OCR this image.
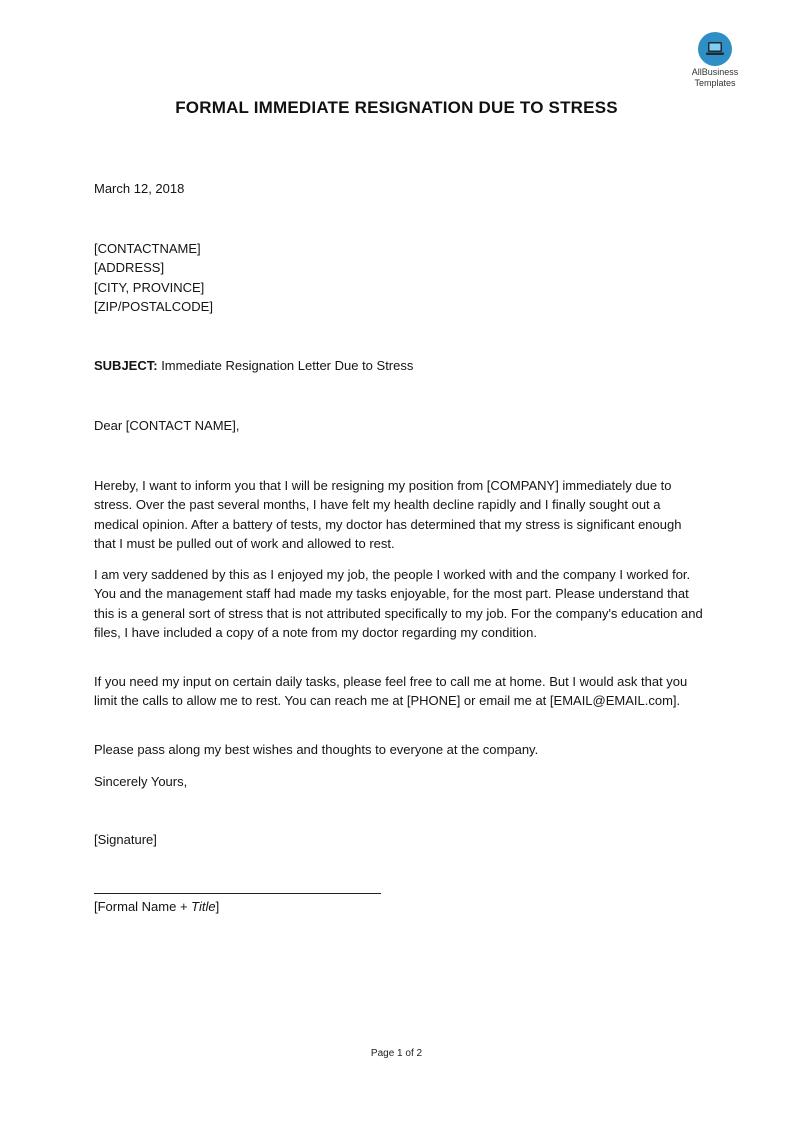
AllBusiness
Templates
FORMAL IMMEDIATE RESIGNATION DUE TO STRESS
March 12, 2018
[CONTACTNAME]
[ADDRESS]
[CITY, PROVINCE]
[ZIP/POSTALCODE]
SUBJECT: Immediate Resignation Letter Due to Stress
Dear [CONTACT NAME],

Hereby, I want to inform you that I will be resigning my position from [COMPANY] immediately due to stress. Over the past several months, I have felt my health decline rapidly and I finally sought out a medical opinion. After a battery of tests, my doctor has determined that my stress is significant enough that I must be pulled out of work and allowed to rest.

I am very saddened by this as I enjoyed my job, the people I worked with and the company I worked for. You and the management staff had made my tasks enjoyable, for the most part. Please understand that this is a general sort of stress that is not attributed specifically to my job. For the company's education and files, I have included a copy of a note from my doctor regarding my condition.

If you need my input on certain daily tasks, please feel free to call me at home. But I would ask that you limit the calls to allow me to rest. You can reach me at [PHONE] or email me at [EMAIL@EMAIL.com].

Please pass along my best wishes and thoughts to everyone at the company.

Sincerely Yours,
[Signature]
[Formal Name + Title]
Page 1 of 2
